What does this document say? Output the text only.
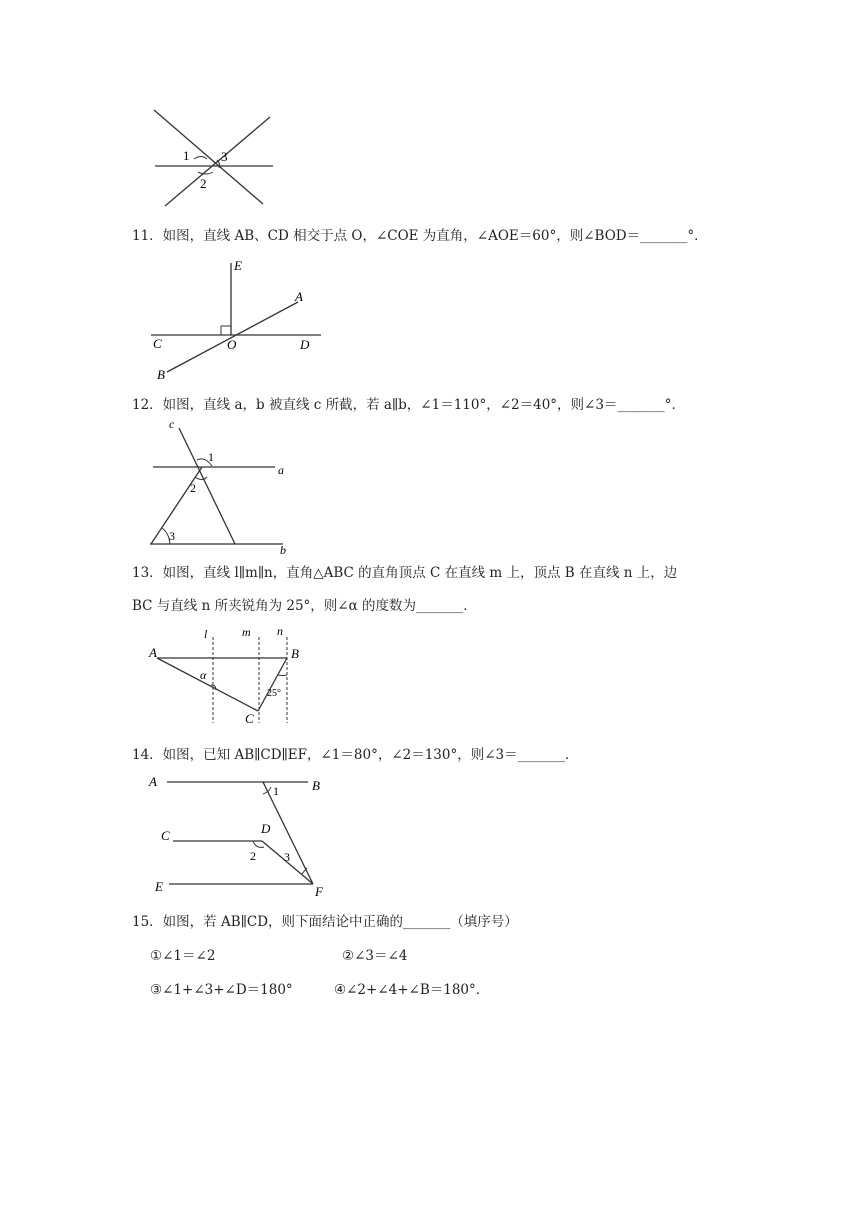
1 3
2
11．如图，直线 AB、CD 相交于点 O，∠COE 为直角，∠AOE＝60°，则∠BOD＝_______°．
E
A
C	O	D
B
12．如图，直线 a，b 被直线 c 所截，若 a∥b，∠1＝110°，∠2＝40°，则∠3＝_______°．
c
a
b
1
2
3
13．如图，直线 l∥m∥n，直角△ABC 的直角顶点 C 在直线 m 上，顶点 B 在直线 n 上，边
BC 与直线 n 所夹锐角为 25°，则∠α 的度数为_______．
l	m n
A	B
C
α
25°
14．如图，已知 AB∥CD∥EF，∠1＝80°，∠2＝130°，则∠3＝_______．
A	B
C	D
E	F
1
2 3
15．如图，若 AB∥CD，则下面结论中正确的_______（填序号）
①∠1＝∠2	②∠3＝∠4
③∠1+∠3+∠D＝180°	④∠2+∠4+∠B＝180°．
